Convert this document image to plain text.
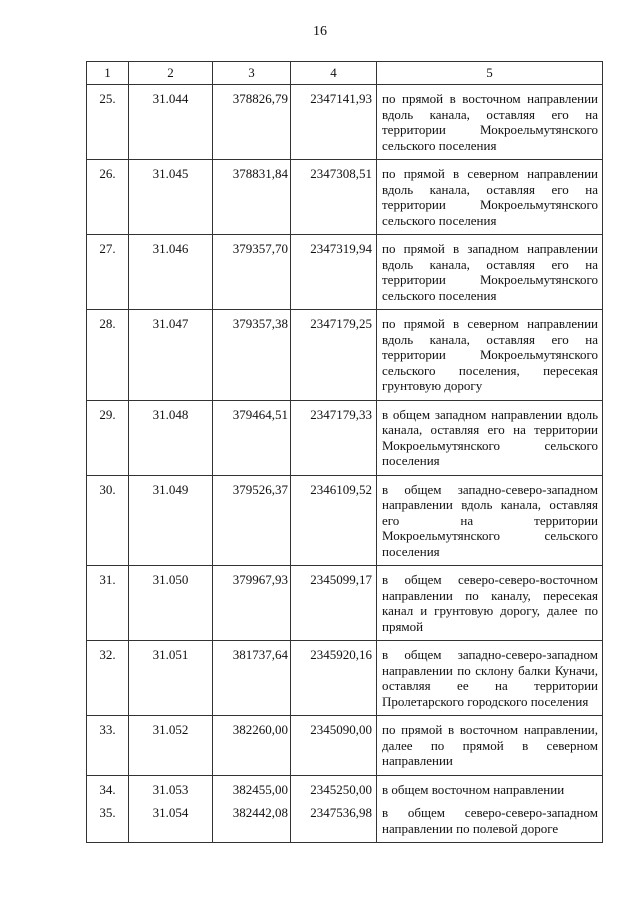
16
1	2	3	4	5
25.	31.044	378826,79	2347141,93	по прямой в восточном направлении вдоль канала, оставляя его на территории Мокроельмутянского сельского поселения
26.	31.045	378831,84	2347308,51	по прямой в северном направлении вдоль канала, оставляя его на территории Мокроельмутянского сельского поселения
27.	31.046	379357,70	2347319,94	по прямой в западном направлении вдоль канала, оставляя его на территории Мокроельмутянского сельского поселения
28.	31.047	379357,38	2347179,25	по прямой в северном направлении вдоль канала, оставляя его на территории Мокроельмутянского сельского поселения, пересекая грунтовую дорогу
29.	31.048	379464,51	2347179,33	в общем западном направлении вдоль канала, оставляя его на территории Мокроельмутянского сельского поселения
30.	31.049	379526,37	2346109,52	в общем западно-северо-западном направлении вдоль канала, оставляя его на территории Мокроельмутянского сельского поселения
31.	31.050	379967,93	2345099,17	в общем северо-северо-восточном направлении по каналу, пересекая канал и грунтовую дорогу, далее по прямой
32.	31.051	381737,64	2345920,16	в общем западно-северо-западном направлении по склону балки Куначи, оставляя ее на территории Пролетарского городского поселения
33.	31.052	382260,00	2345090,00	по прямой в восточном направлении, далее по прямой в северном направлении
34.	31.053	382455,00	2345250,00	в общем восточном направлении
35.	31.054	382442,08	2347536,98	в общем северо-северо-западном направлении по полевой дороге
